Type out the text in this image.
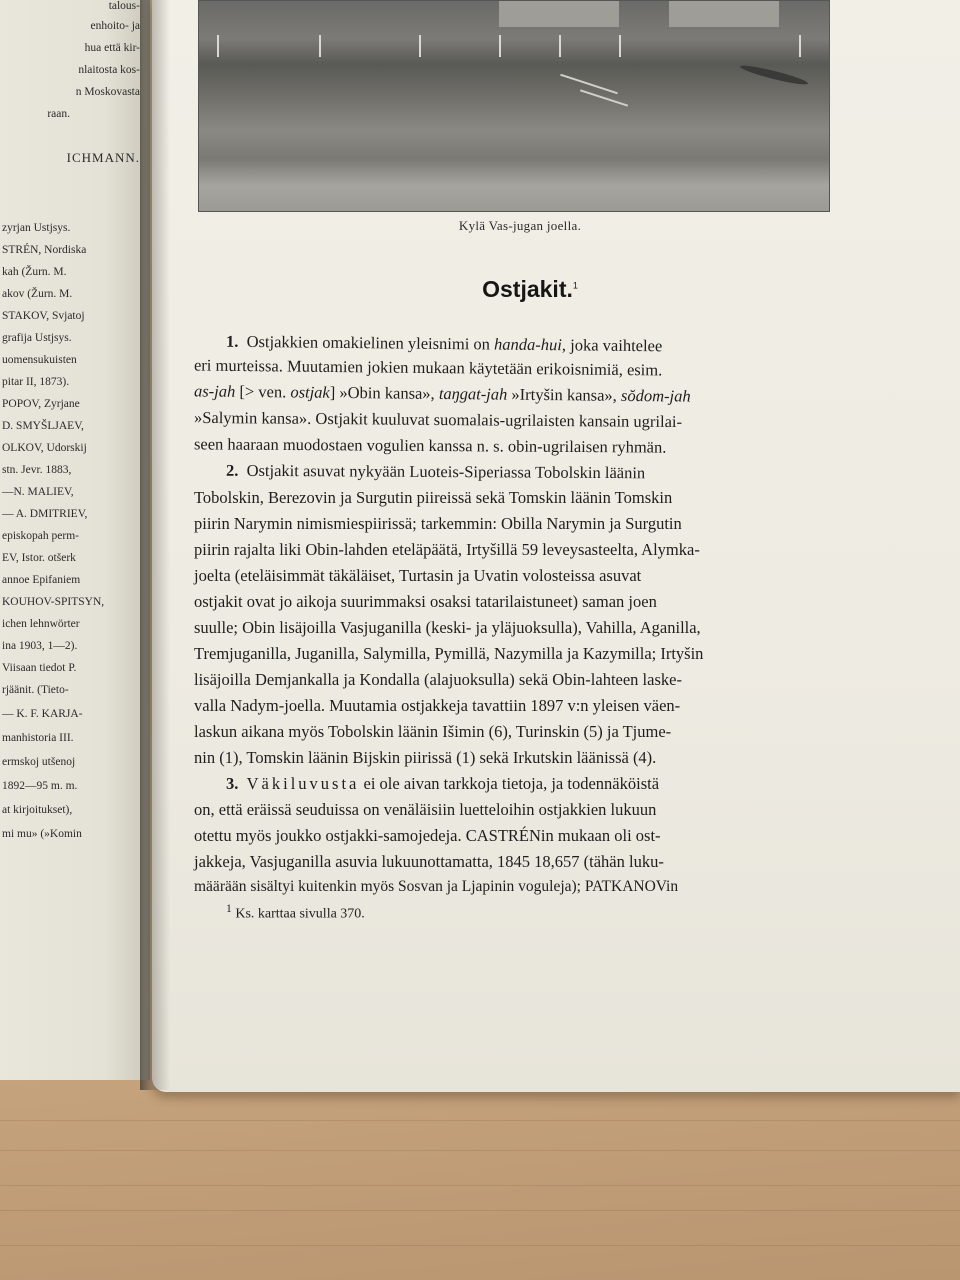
talous-
enhoito- ja
hua että kir-
nlaitosta kos-
n Moskovasta
raan.
ICHMANN.
zyrjan Ustjsys.
STRÉN, Nordiska
kah (Žurn. M.
akov (Žurn. M.
STAKOV, Svjatoj
grafija Ustjsys.
uomensukuisten
pitar II, 1873).
POPOV, Zyrjane
D. SMYŠLJAEV,
OLKOV, Udorskij
stn. Jevr. 1883,
—N. MALIEV,
— A. DMITRIEV,
episkopah perm-
EV, Istor. otšerk
annoe Epifaniem
KOUHOV-SPITSYN,
ichen lehnwörter
ina 1903, 1—2).
Viisaan tiedot P.
rjäänit. (Tieto-
— K. F. KARJA-
manhistoria III.
ermskoj utšenoj
1892—95 m. m.
at kirjoitukset),
mi mu» (»Komin
Kylä Vas-jugan joella.
Ostjakit.$^1$
1. Ostjakkien omakielinen yleisnimi on handa-hui, joka vaihtelee
eri murteissa. Muutamien jokien mukaan käytetään erikoisnimiä, esim.
as-jah [> ven. ostjak] »Obin kansa», taŋgat-jah »Irtyšin kansa», sŏdom-jah
»Salymin kansa». Ostjakit kuuluvat suomalais-ugrilaisten kansain ugrilai-
seen haaraan muodostaen vogulien kanssa n. s. obin-ugrilaisen ryhmän.
2. Ostjakit asuvat nykyään Luoteis-Siperiassa Tobolskin läänin
Tobolskin, Berezovin ja Surgutin piireissä sekä Tomskin läänin Tomskin
piirin Narymin nimismiespiirissä; tarkemmin: Obilla Narymin ja Surgutin
piirin rajalta liki Obin-lahden eteläpäätä, Irtyšillä 59 leveysasteelta, Alymka-
joelta (eteläisimmät täkäläiset, Turtasin ja Uvatin volosteissa asuvat
ostjakit ovat jo aikoja suurimmaksi osaksi tatarilaistuneet) saman joen
suulle; Obin lisäjoilla Vasjuganilla (keski- ja yläjuoksulla), Vahilla, Aganilla,
Tremjuganilla, Juganilla, Salymilla, Pymillä, Nazymilla ja Kazymilla; Irtyšin
lisäjoilla Demjankalla ja Kondalla (alajuoksulla) sekä Obin-lahteen laske-
valla Nadym-joella. Muutamia ostjakkeja tavattiin 1897 v:n yleisen väen-
laskun aikana myös Tobolskin läänin Išimin (6), Turinskin (5) ja Tjume-
nin (1), Tomskin läänin Bijskin piirissä (1) sekä Irkutskin läänissä (4).
3. Väkiluvusta ei ole aivan tarkkoja tietoja, ja todennäköistä
on, että eräissä seuduissa on venäläisiin luetteloihin ostjakkien lukuun
otettu myös joukko ostjakki-samojedeja. CASTRÉNin mukaan oli ost-
jakkeja, Vasjuganilla asuvia lukuunottamatta, 1845 18,657 (tähän luku-
määrään sisältyi kuitenkin myös Sosvan ja Ljapinin voguleja); PATKANOVin
$^1$ Ks. karttaa sivulla 370.
